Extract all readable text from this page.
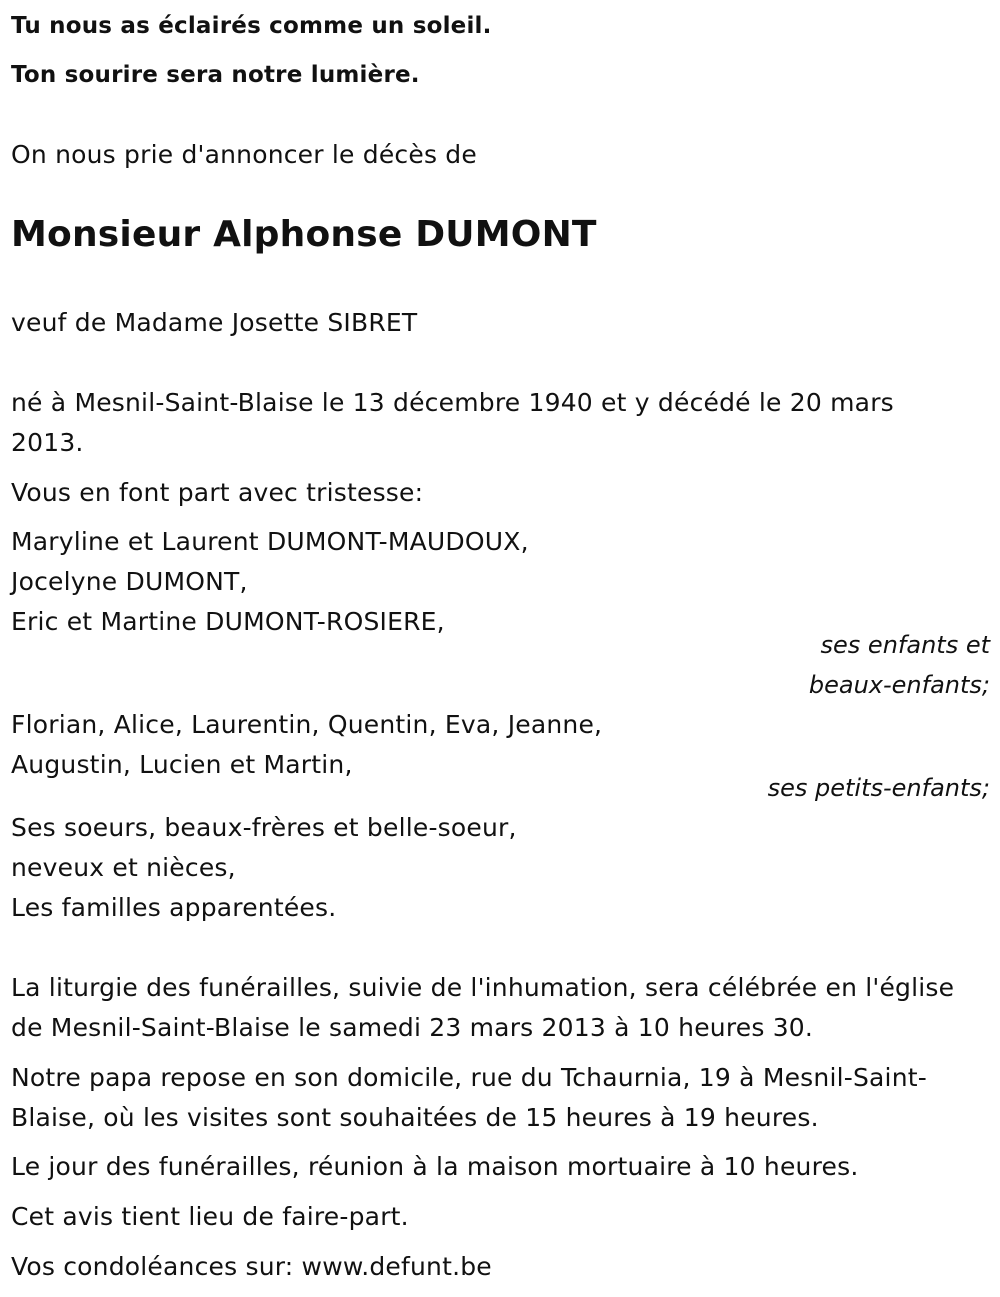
Tu nous as éclairés comme un soleil.
Ton sourire sera notre lumière.
On nous prie d'annoncer le décès de
Monsieur Alphonse DUMONT
veuf de Madame Josette SIBRET
né à Mesnil-Saint-Blaise le 13 décembre 1940 et y décédé le 20 mars
2013.
Vous en font part avec tristesse:
Maryline et Laurent DUMONT-MAUDOUX,
Jocelyne DUMONT,
Eric et Martine DUMONT-ROSIERE,
ses enfants et
beaux-enfants;
Florian, Alice, Laurentin, Quentin, Eva, Jeanne,
Augustin, Lucien et Martin,
ses petits-enfants;
Ses soeurs, beaux-frères et belle-soeur,
neveux et nièces,
Les familles apparentées.
La liturgie des funérailles, suivie de l'inhumation, sera célébrée en l'église
de Mesnil-Saint-Blaise le samedi 23 mars 2013 à 10 heures 30.
Notre papa repose en son domicile, rue du Tchaurnia, 19 à Mesnil-Saint-
Blaise, où les visites sont souhaitées de 15 heures à 19 heures.
Le jour des funérailles, réunion à la maison mortuaire à 10 heures.
Cet avis tient lieu de faire-part.
Vos condoléances sur: www.defunt.be
